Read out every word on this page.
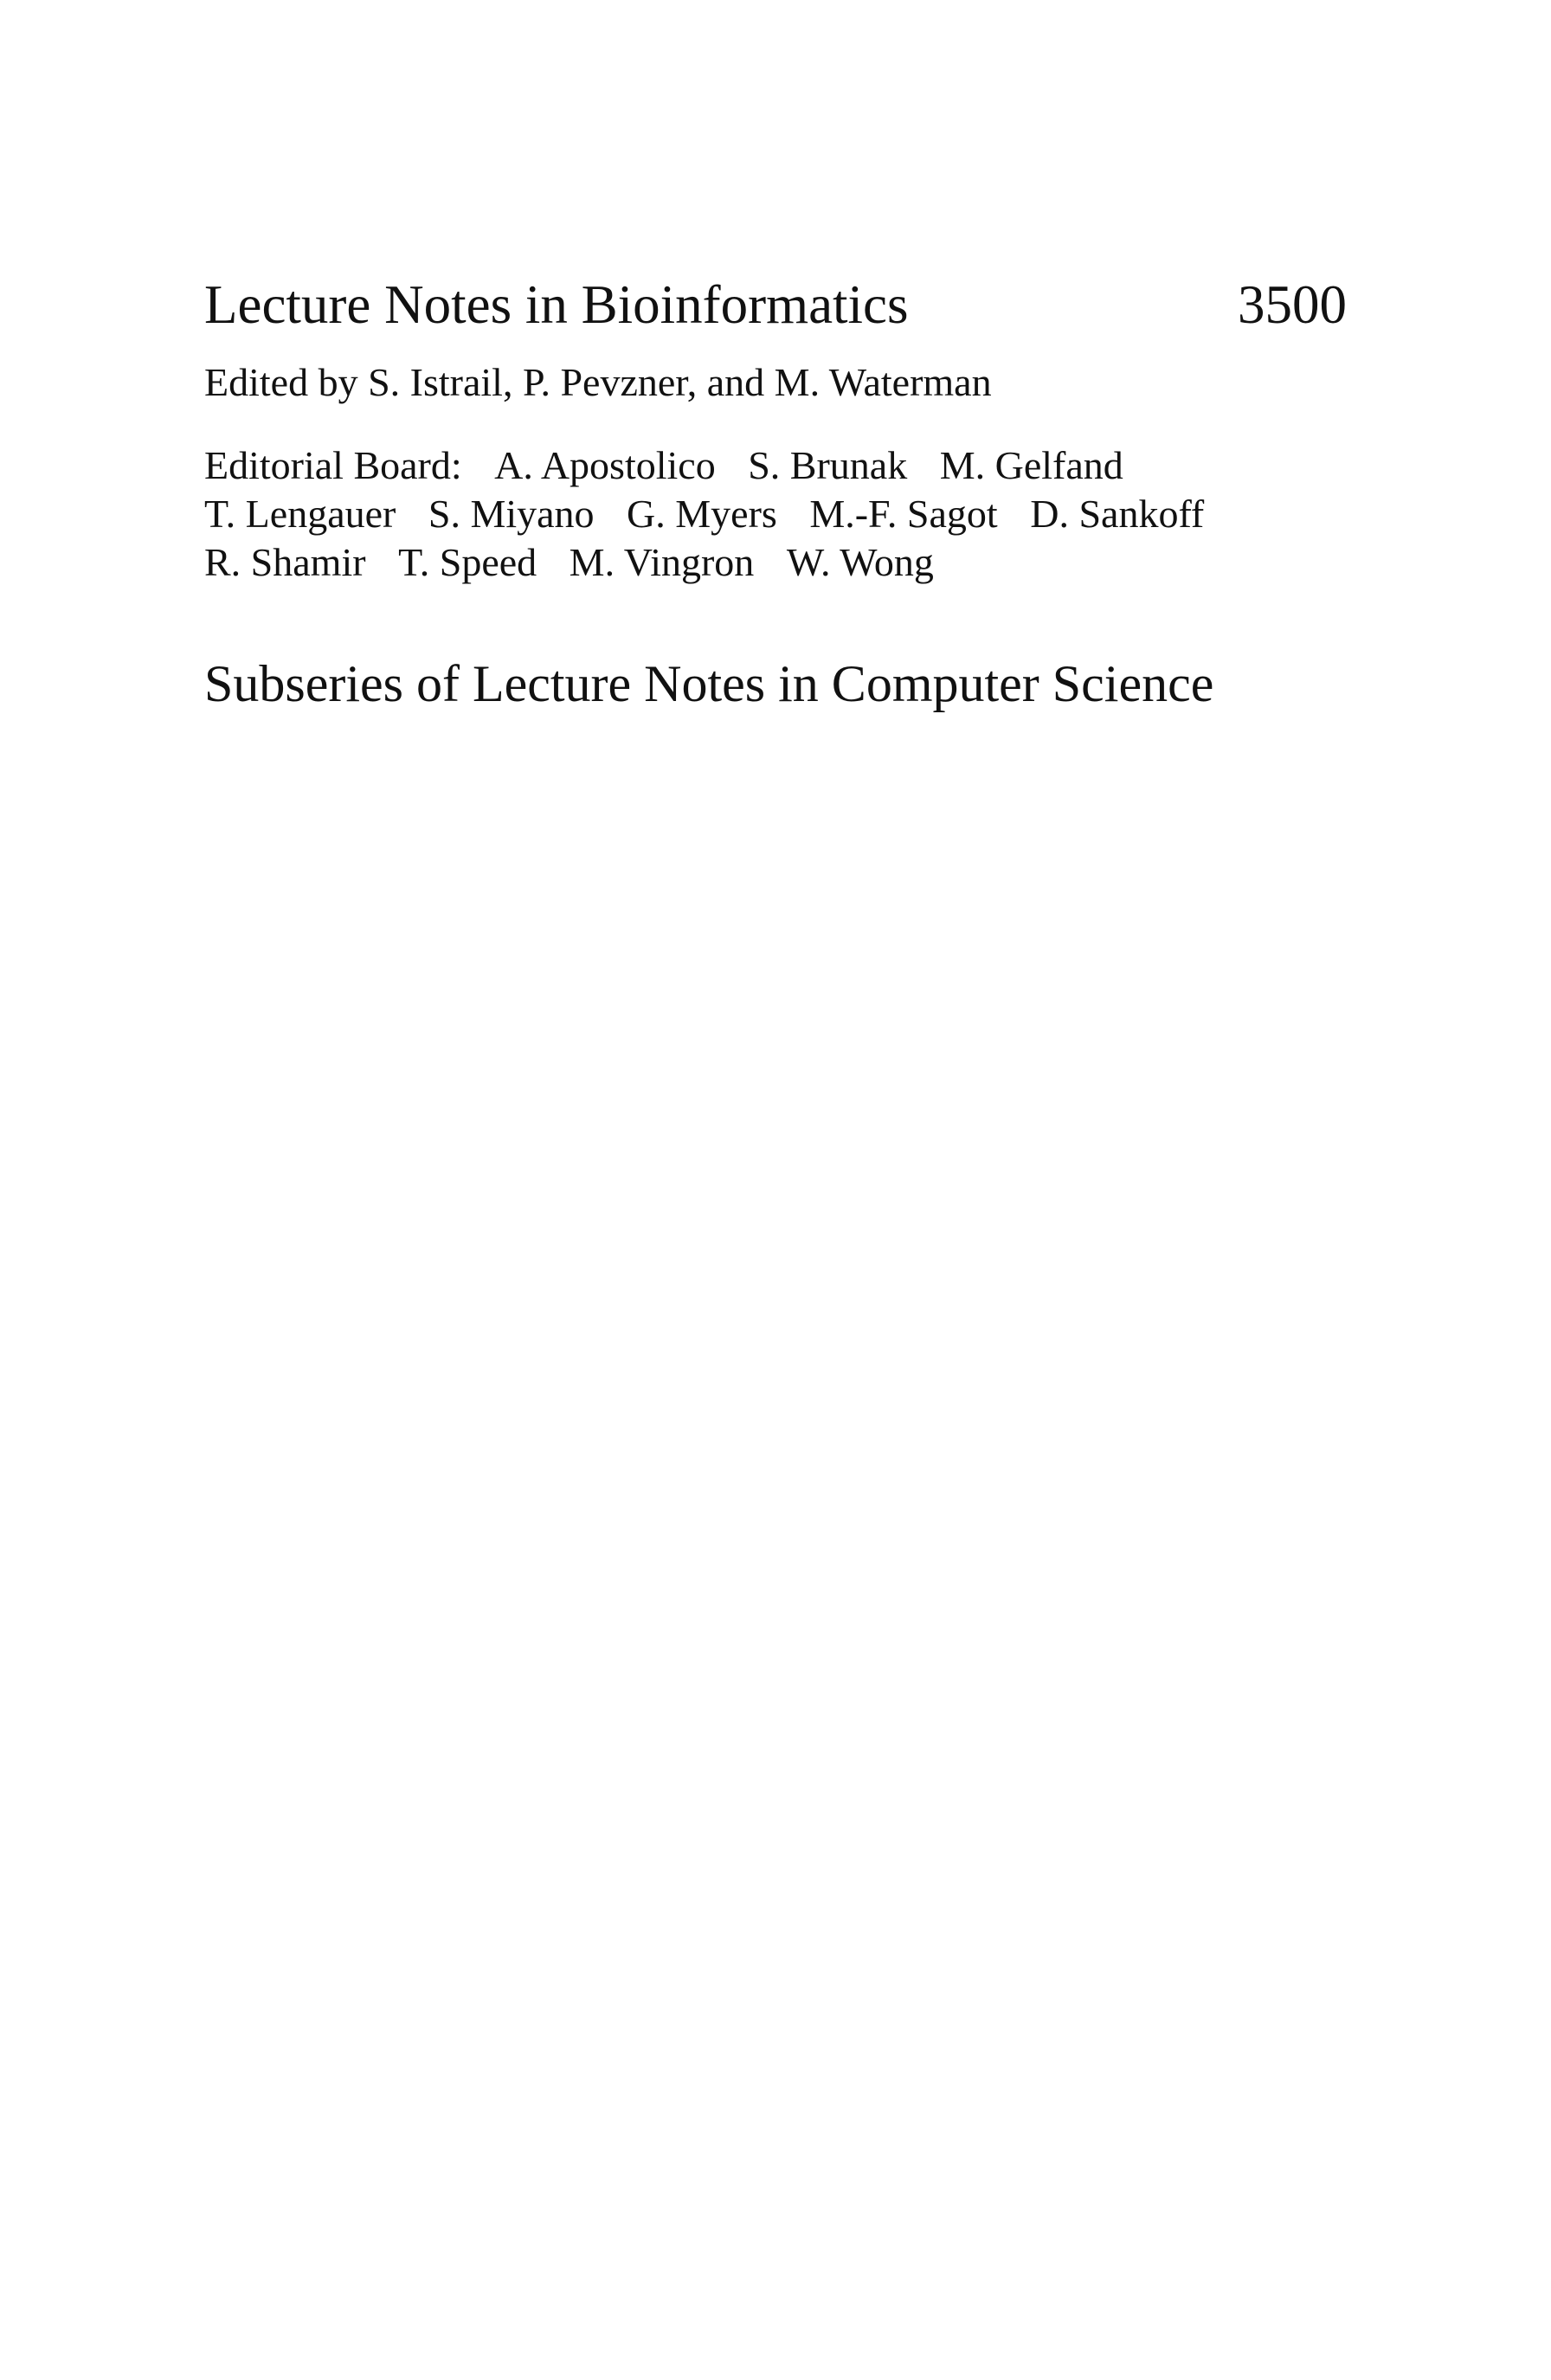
Lecture Notes in Bioinformatics	3500
Edited by S. Istrail, P. Pevzner, and M. Waterman
Editorial Board: A. Apostolico S. Brunak M. Gelfand
T. Lengauer S. Miyano G. Myers M.-F. Sagot D. Sankoff
R. Shamir T. Speed M. Vingron W. Wong
Subseries of Lecture Notes in Computer Science
